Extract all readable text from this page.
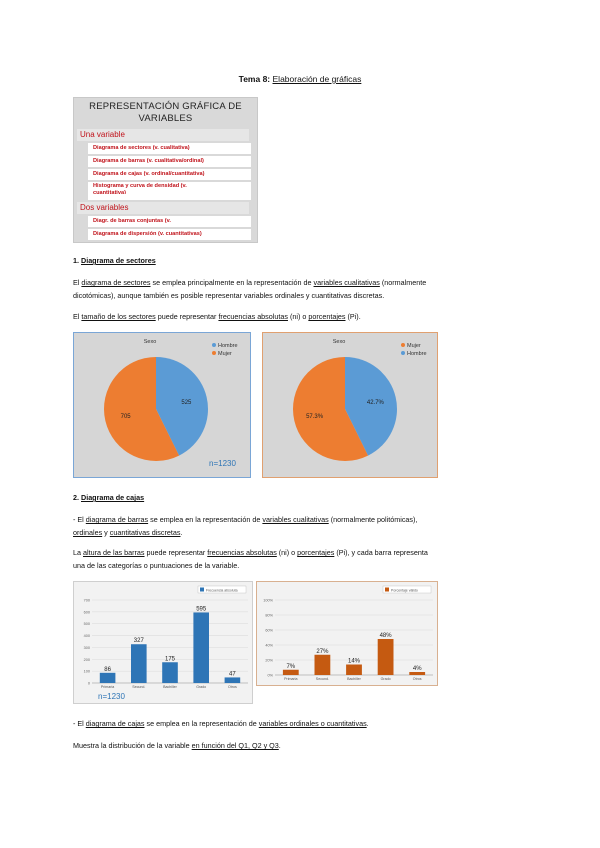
Tema 8: Elaboración de gráficas
REPRESENTACIÓN GRÁFICA DE
VARIABLES
Una variable
Diagrama de sectores (v. cualitativa)
Diagrama de barras (v. cualitativa/ordinal)
Diagrama de cajas (v. ordinal/cuantitativa)
Histograma y curva de densidad (v.
cuantitativa)
Dos variables
Diagr. de barras conjuntas (v.
Diagrama de dispersión (v. cuantitativas)
1. Diagrama de sectores
El diagrama de sectores se emplea principalmente en la representación de variables cualitativas (normalmente
dicotómicas), aunque también es posible representar variables ordinales y cuantitativas discretas.
El tamaño de los sectores puede representar frecuencias absolutas (ni) o porcentajes (Pi).
Sexo
525
705
Hombre
Mujer
n=1230
Sexo
42.7%
57.3%
Mujer
Hombre
2. Diagrama de cajas
- El diagrama de barras se emplea en la representación de variables cualitativas (normalmente politómicas),
ordinales y cuantitativas discretas.
La altura de las barras puede representar frecuencias absolutas (ni) o porcentajes (Pi), y cada barra representa
una de las categorías o puntuaciones de la variable.
0
100
200
300
400
500
600
700
Frecuencia absoluta
86
Primaria
327
Secund.
175
Bachiller
595
Grado
47
Otros
n=1230
0%
20%
40%
60%
80%
100%
Porcentaje válido
7%
Primaria
27%
Secund.
14%
Bachiller
48%
Grado
4%
Otros
- El diagrama de cajas se emplea en la representación de variables ordinales o cuantitativas.
Muestra la distribución de la variable en función del Q1, Q2 y Q3.
